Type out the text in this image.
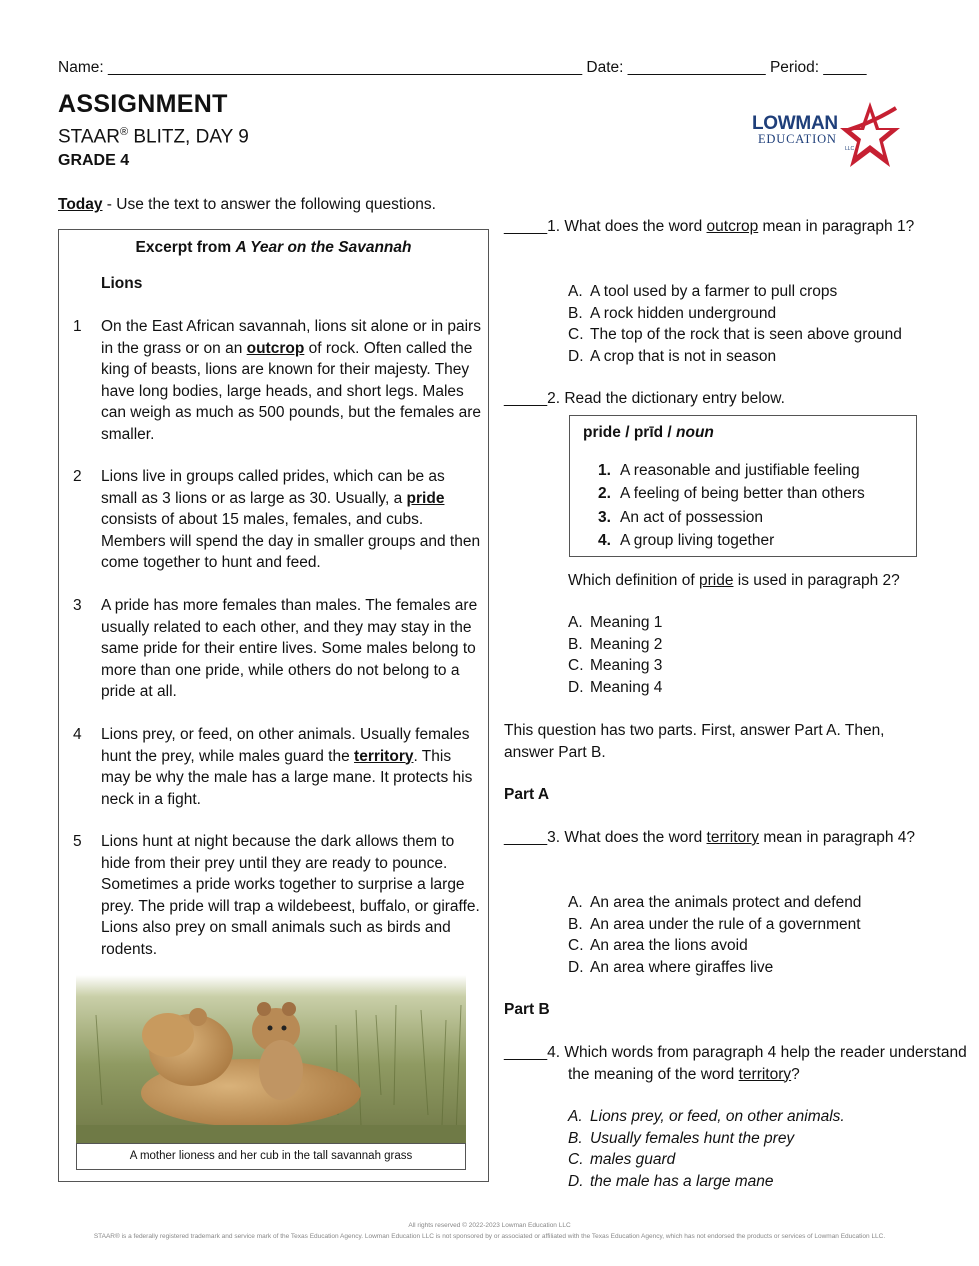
Name: _______________________________________________________ Date: ________________ Period: _____
ASSIGNMENT
STAAR® BLITZ, DAY 9
GRADE 4
LOWMAN
EDUCATION
LLC
Today - Use the text to answer the following questions.
Excerpt from A Year on the Savannah
Lions
1 On the East African savannah, lions sit alone or in pairs in the grass or on an outcrop of rock. Often called the king of beasts, lions are known for their majesty. They have long bodies, large heads, and short legs. Males can weigh as much as 500 pounds, but the females are smaller.
2 Lions live in groups called prides, which can be as small as 3 lions or as large as 30. Usually, a pride consists of about 15 males, females, and cubs. Members will spend the day in smaller groups and then come together to hunt and feed.
3 A pride has more females than males. The females are usually related to each other, and they may stay in the same pride for their entire lives. Some males belong to more than one pride, while others do not belong to a pride at all.
4 Lions prey, or feed, on other animals. Usually females hunt the prey, while males guard the territory. This may be why the male has a large mane. It protects his neck in a fight.
5 Lions hunt at night because the dark allows them to hide from their prey until they are ready to pounce. Sometimes a pride works together to surprise a large prey. The pride will trap a wildebeest, buffalo, or giraffe. Lions also prey on small animals such as birds and rodents.
A mother lioness and her cub in the tall savannah grass
_____1. What does the word outcrop mean in paragraph 1?
A. A tool used by a farmer to pull crops
B. A rock hidden underground
C. The top of the rock that is seen above ground
D. A crop that is not in season
_____2. Read the dictionary entry below.
pride / prīd / noun
1. A reasonable and justifiable feeling
2. A feeling of being better than others
3. An act of possession
4. A group living together
Which definition of pride is used in paragraph 2?
A. Meaning 1
B. Meaning 2
C. Meaning 3
D. Meaning 4
This question has two parts. First, answer Part A. Then, answer Part B.
Part A
_____3. What does the word territory mean in paragraph 4?
A. An area the animals protect and defend
B. An area under the rule of a government
C. An area the lions avoid
D. An area where giraffes live
Part B
_____4. Which words from paragraph 4 help the reader understand the meaning of the word territory?
A. Lions prey, or feed, on other animals.
B. Usually females hunt the prey
C. males guard
D. the male has a large mane
All rights reserved © 2022-2023 Lowman Education LLC
STAAR® is a federally registered trademark and service mark of the Texas Education Agency. Lowman Education LLC is not sponsored by or associated or affiliated with the Texas Education Agency, which has not endorsed the products or services of Lowman Education LLC.
